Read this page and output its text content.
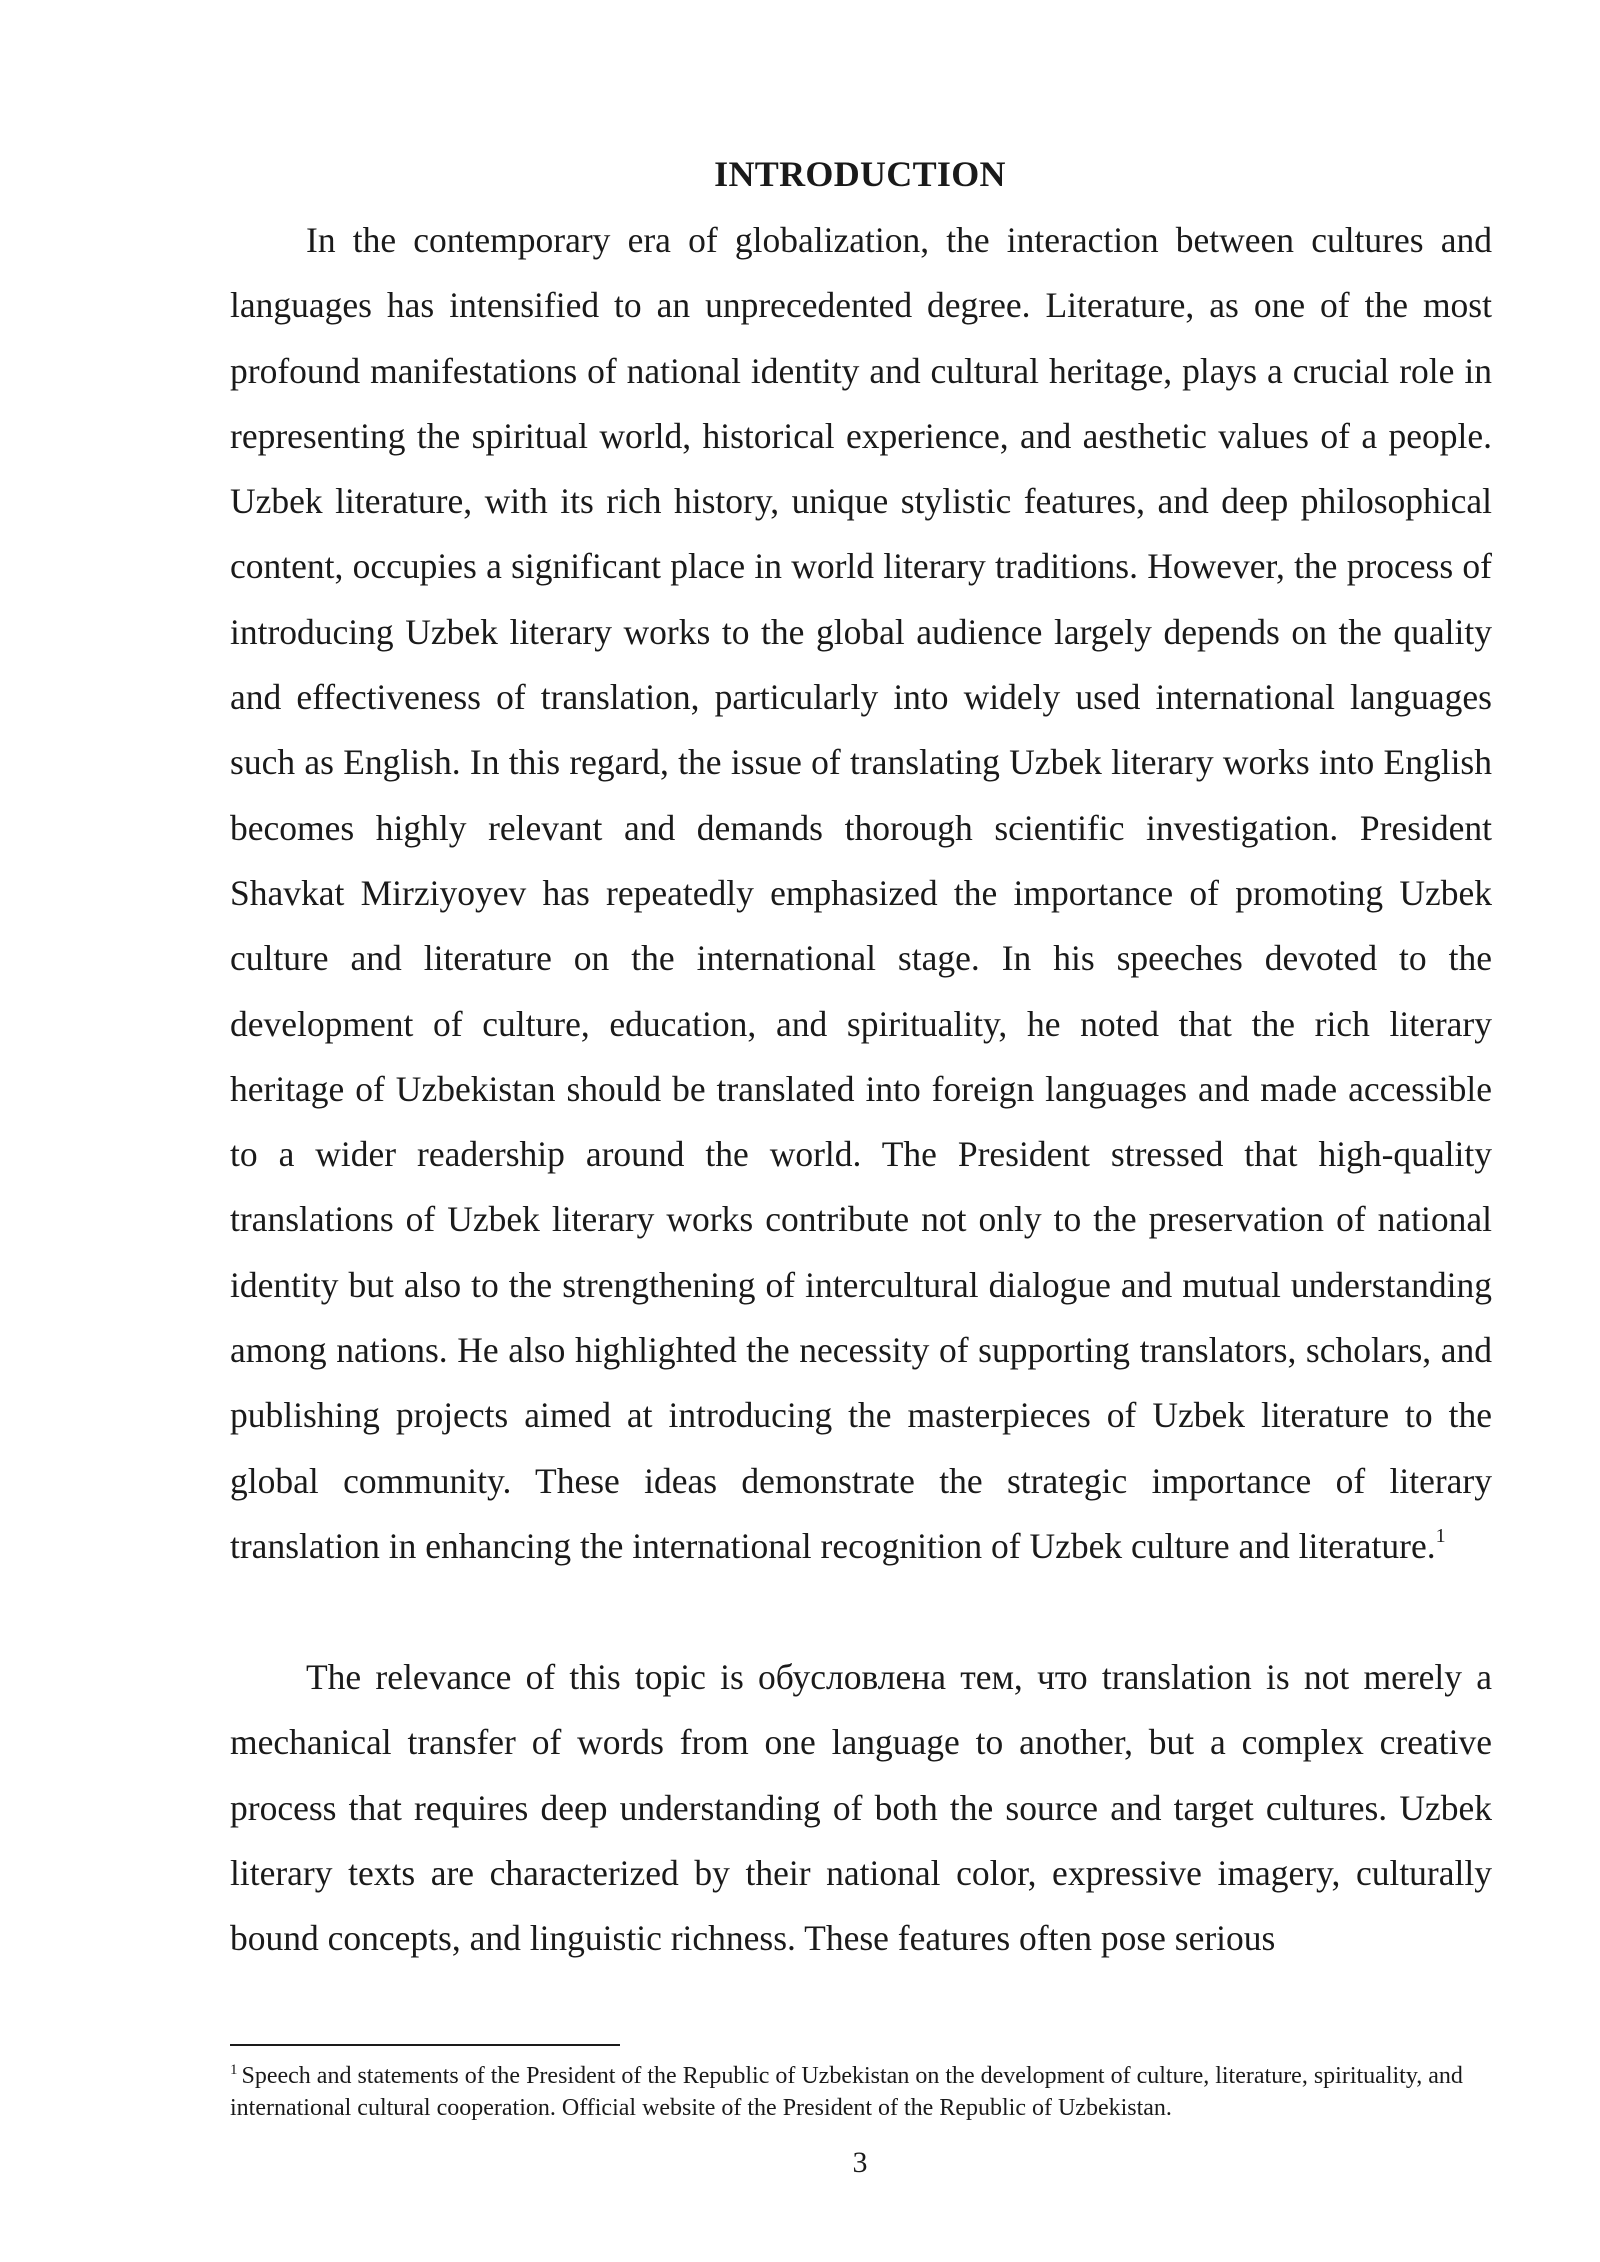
INTRODUCTION

In the contemporary era of globalization, the interaction between cultures and languages has intensified to an unprecedented degree. Literature, as one of the most profound manifestations of national identity and cultural heritage, plays a crucial role in representing the spiritual world, historical experience, and aesthetic values of a people. Uzbek literature, with its rich history, unique stylistic features, and deep philosophical content, occupies a significant place in world literary traditions. However, the process of introducing Uzbek literary works to the global audience largely depends on the quality and effectiveness of translation, particularly into widely used international languages such as English. In this regard, the issue of translating Uzbek literary works into English becomes highly relevant and demands thorough scientific investigation. President Shavkat Mirziyoyev has repeatedly emphasized the importance of promoting Uzbek culture and literature on the international stage. In his speeches devoted to the development of culture, education, and spirituality, he noted that the rich literary heritage of Uzbekistan should be translated into foreign languages and made accessible to a wider readership around the world. The President stressed that high-quality translations of Uzbek literary works contribute not only to the preservation of national identity but also to the strengthening of intercultural dialogue and mutual understanding among nations. He also highlighted the necessity of supporting translators, scholars, and publishing projects aimed at introducing the masterpieces of Uzbek literature to the global community. These ideas demonstrate the strategic importance of literary translation in enhancing the international recognition of Uzbek culture and literature.$^1$

The relevance of this topic is обусловлена тем, что translation is not merely a mechanical transfer of words from one language to another, but a complex creative process that requires deep understanding of both the source and target cultures. Uzbek literary texts are characterized by their national color, expressive imagery, culturally bound concepts, and linguistic richness. These features often pose serious

$^1$ Speech and statements of the President of the Republic of Uzbekistan on the development of culture, literature, spirituality, and international cultural cooperation. Official website of the President of the Republic of Uzbekistan.
3
